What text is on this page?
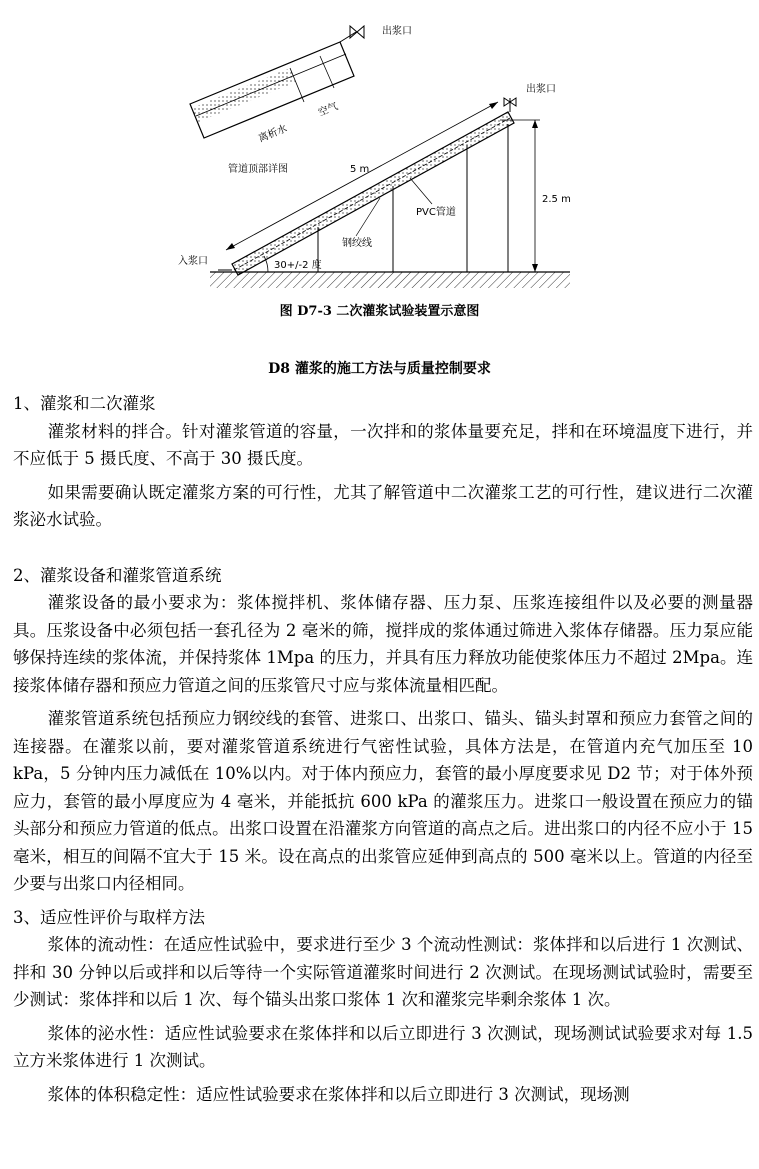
2.5 m
5 m
30+/-2 度
入浆口
出浆口
PVC管道
钢绞线
出浆口
离析水
空气
管道顶部详图
图 D7-3 二次灌浆试验装置示意图
D8 灌浆的施工方法与质量控制要求

1、灌浆和二次灌浆

灌浆材料的拌合。针对灌浆管道的容量，一次拌和的浆体量要充足，拌和在环境温度下进行，并不应低于 5 摄氏度、不高于 30 摄氏度。

如果需要确认既定灌浆方案的可行性，尤其了解管道中二次灌浆工艺的可行性，建议进行二次灌浆泌水试验。

2、灌浆设备和灌浆管道系统

灌浆设备的最小要求为：浆体搅拌机、浆体储存器、压力泵、压浆连接组件以及必要的测量器具。压浆设备中必须包括一套孔径为 2 毫米的筛，搅拌成的浆体通过筛进入浆体存储器。压力泵应能够保持连续的浆体流，并保持浆体 1Mpa 的压力，并具有压力释放功能使浆体压力不超过 2Mpa。连接浆体储存器和预应力管道之间的压浆管尺寸应与浆体流量相匹配。

灌浆管道系统包括预应力钢绞线的套管、进浆口、出浆口、锚头、锚头封罩和预应力套管之间的连接器。在灌浆以前，要对灌浆管道系统进行气密性试验，具体方法是，在管道内充气加压至 10 kPa，5 分钟内压力减低在 10%以内。对于体内预应力，套管的最小厚度要求见 D2 节；对于体外预应力，套管的最小厚度应为 4 毫米，并能抵抗 600 kPa 的灌浆压力。进浆口一般设置在预应力的锚头部分和预应力管道的低点。出浆口设置在沿灌浆方向管道的高点之后。进出浆口的内径不应小于 15 毫米，相互的间隔不宜大于 15 米。设在高点的出浆管应延伸到高点的 500 毫米以上。管道的内径至少要与出浆口内径相同。

3、适应性评价与取样方法

浆体的流动性：在适应性试验中，要求进行至少 3 个流动性测试：浆体拌和以后进行 1 次测试、拌和 30 分钟以后或拌和以后等待一个实际管道灌浆时间进行 2 次测试。在现场测试试验时，需要至少测试：浆体拌和以后 1 次、每个锚头出浆口浆体 1 次和灌浆完毕剩余浆体 1 次。

浆体的泌水性：适应性试验要求在浆体拌和以后立即进行 3 次测试，现场测试试验要求对每 1.5 立方米浆体进行 1 次测试。

浆体的体积稳定性：适应性试验要求在浆体拌和以后立即进行 3 次测试，现场测
